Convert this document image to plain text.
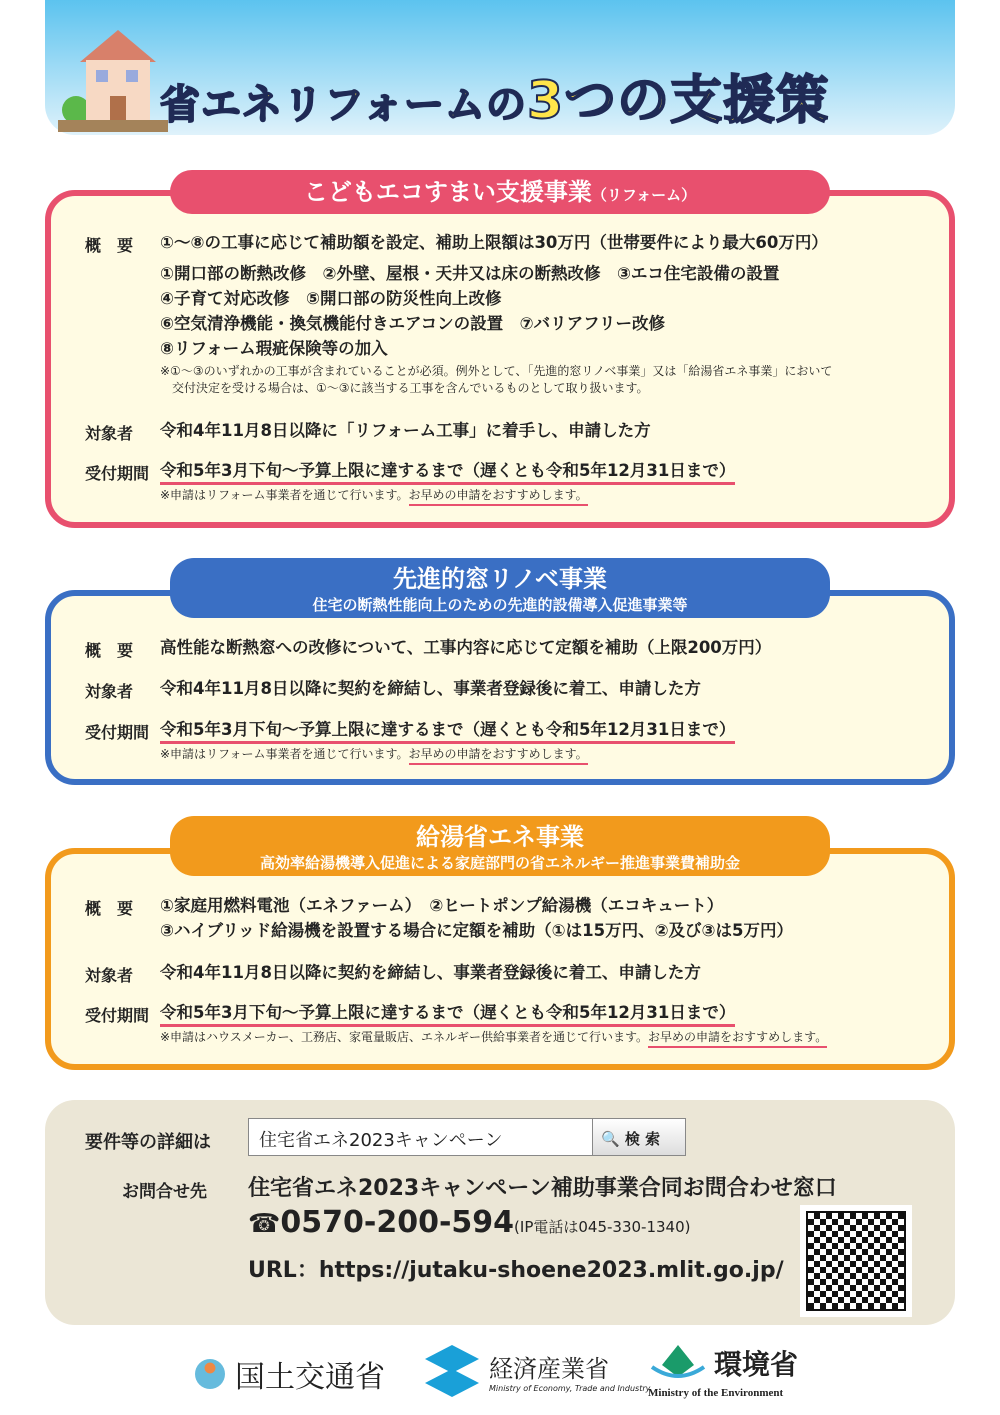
省エネリフォームの3つの支援策
こどもエコすまい支援事業（リフォーム）
概　要 ①～⑧の工事に応じて補助額を設定、補助上限額は30万円（世帯要件により最大60万円）
①開口部の断熱改修　②外壁、屋根・天井又は床の断熱改修　③エコ住宅設備の設置
④子育て対応改修　⑤開口部の防災性向上改修
⑥空気清浄機能・換気機能付きエアコンの設置　⑦バリアフリー改修
⑧リフォーム瑕疵保険等の加入
※①～③のいずれかの工事が含まれていることが必須。例外として、「先進的窓リノベ事業」又は「給湯省エネ事業」において
交付決定を受ける場合は、①～③に該当する工事を含んでいるものとして取り扱います。
対象者 令和4年11月8日以降に「リフォーム工事」に着手し、申請した方
受付期間 令和5年3月下旬～予算上限に達するまで（遅くとも令和5年12月31日まで）
※申請はリフォーム事業者を通じて行います。お早めの申請をおすすめします。
先進的窓リノベ事業
住宅の断熱性能向上のための先進的設備導入促進事業等
概　要 高性能な断熱窓への改修について、工事内容に応じて定額を補助（上限200万円）
対象者 令和4年11月8日以降に契約を締結し、事業者登録後に着工、申請した方
受付期間 令和5年3月下旬～予算上限に達するまで（遅くとも令和5年12月31日まで）
※申請はリフォーム事業者を通じて行います。お早めの申請をおすすめします。
給湯省エネ事業
高効率給湯機導入促進による家庭部門の省エネルギー推進事業費補助金
概　要 ①家庭用燃料電池（エネファーム）　②ヒートポンプ給湯機（エコキュート）
③ハイブリッド給湯機を設置する場合に定額を補助（①は15万円、②及び③は5万円）
対象者 令和4年11月8日以降に契約を締結し、事業者登録後に着工、申請した方
受付期間 令和5年3月下旬～予算上限に達するまで（遅くとも令和5年12月31日まで）
※申請はハウスメーカー、工務店、家電量販店、エネルギー供給事業者を通じて行います。お早めの申請をおすすめします。
要件等の詳細は	住宅省エネ2023キャンペーン	🔍 検 索
お問合せ先 住宅省エネ2023キャンペーン補助事業合同お問合わせ窓口
☎0570-200-594(IP電話は045-330-1340)
URL：https://jutaku-shoene2023.mlit.go.jp/
国土交通省	経済産業省
Ministry of Economy, Trade and Industry
環境省
Ministry of the Environment
